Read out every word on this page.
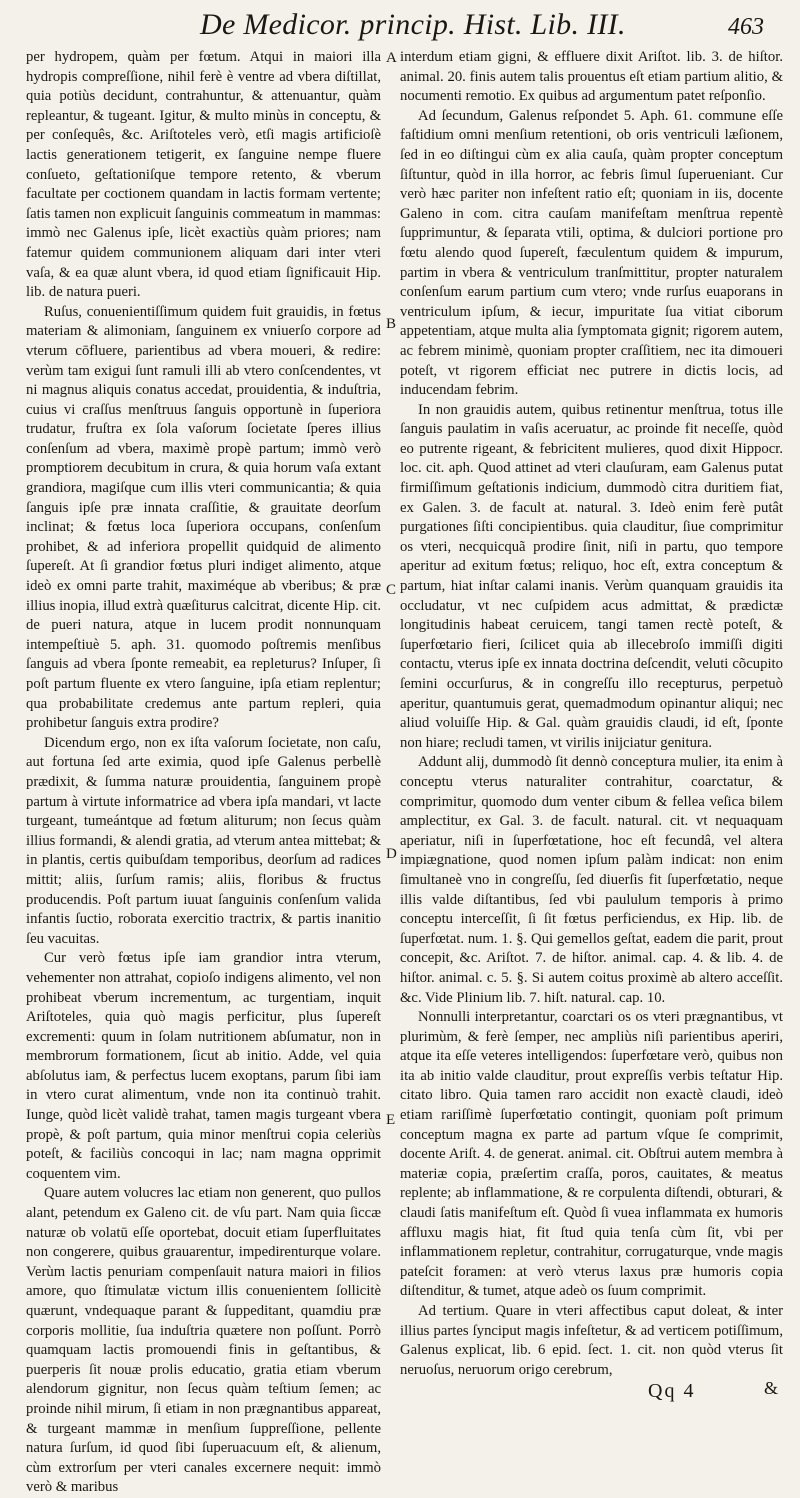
De Medicor. princip. Hist. Lib. III.	463

per hydropem, quàm per fœtum. Atqui in maiori illa hydropis compreſſione, nihil ferè è ventre ad vbera diſtillat, quia potiùs decidunt, contrahuntur, & attenuantur, quàm repleantur, & tugeant. Igitur, & multo minùs in conceptu, & per conſequês, &c. Ariſtoteles verò, etſi magis artificioſè lactis generationem tetigerit, ex ſanguine nempe fluere conſueto, geſtationiſque tempore retento, & vberum facultate per coctionem quandam in lactis formam vertente; ſatis tamen non explicuit ſanguinis commeatum in mammas: immò nec Galenus ipſe, licèt exactiùs quàm priores; nam fatemur quidem communionem aliquam dari inter vteri vaſa, & ea quæ alunt vbera, id quod etiam ſignificauit Hip. lib. de natura pueri.

Ruſus, conuenientiſſimum quidem fuit grauidis, in fœtus materiam & alimoniam, ſanguinem ex vniuerſo corpore ad vterum cōfluere, parientibus ad vbera moueri, & redire: verùm tam exigui ſunt ramuli illi ab vtero conſcendentes, vt ni magnus aliquis conatus accedat, prouidentia, & induſtria, cuius vi craſſus menſtruus ſanguis opportunè in ſuperiora trudatur, fruſtra ex ſola vaſorum ſocietate ſperes illius conſenſum ad vbera, maximè propè partum; immò verò promptiorem decubitum in crura, & quia horum vaſa extant grandiora, magiſque cum illis vteri communicantia; & quia ſanguis ipſe præ innata craſſitie, & grauitate deorſum inclinat; & fœtus loca ſuperiora occupans, conſenſum prohibet, & ad inferiora propellit quidquid de alimento ſupereſt. At ſi grandior fœtus pluri indiget alimento, atque ideò ex omni parte trahit, maximéque ab vberibus; & præ illius inopia, illud extrà quæſiturus calcitrat, dicente Hip. cit. de pueri natura, atque in lucem prodit nonnunquam intempeſtiuè 5. aph. 31. quomodo poſtremis menſibus ſanguis ad vbera ſponte remeabit, ea repleturus? Inſuper, ſi poſt partum fluente ex vtero ſanguine, ipſa etiam replentur; qua probabilitate credemus ante partum repleri, quia prohibetur ſanguis extra prodire?

Dicendum ergo, non ex iſta vaſorum ſocietate, non caſu, aut fortuna ſed arte eximia, quod ipſe Galenus perbellè prædixit, & ſumma naturæ prouidentia, ſanguinem propè partum à virtute informatrice ad vbera ipſa mandari, vt lacte turgeant, tumeántque ad fœtum aliturum; non ſecus quàm illius formandi, & alendi gratia, ad vterum antea mittebat; & in plantis, certis quibuſdam temporibus, deorſum ad radices mittit; aliis, ſurſum ramis; aliis, floribus & fructus producendis. Poſt partum iuuat ſanguinis conſenſum valida infantis ſuctio, roborata exercitio tractrix, & partis inanitio ſeu vacuitas.

Cur verò fœtus ipſe iam grandior intra vterum, vehementer non attrahat, copioſo indigens alimento, vel non prohibeat vberum incrementum, ac turgentiam, inquit Ariſtoteles, quia quò magis perficitur, plus ſupereſt excrementi: quum in ſolam nutritionem abſumatur, non in membrorum formationem, ſicut ab initio. Adde, vel quia abſolutus iam, & perfectus lucem exoptans, parum ſibi iam in vtero curat alimentum, vnde non ita continuò trahit. Iunge, quòd licèt validè trahat, tamen magis turgeant vbera propè, & poſt partum, quia minor menſtrui copia celeriùs poteſt, & faciliùs concoqui in lac; nam magna opprimit coquentem vim.

Quare autem volucres lac etiam non generent, quo pullos alant, petendum ex Galeno cit. de vſu part. Nam quia ſiccæ naturæ ob volatū eſſe oportebat, docuit etiam ſuperfluitates non congerere, quibus grauarentur, impedirenturque volare. Verùm lactis penuriam compenſauit natura maiori in filios amore, quo ſtimulatæ victum illis conuenientem ſollicitè quærunt, vndequaque parant & ſuppeditant, quamdiu præ corporis mollitie, ſua induſtria quætere non poſſunt. Porrò quamquam lactis promouendi finis in geſtantibus, & puerperis ſit nouæ prolis educatio, gratia etiam vberum alendorum gignitur, non ſecus quàm teſtium ſemen; ac proinde nihil mirum, ſi etiam in non prægnantibus appareat, & turgeant mammæ in menſium ſuppreſſione, pellente natura ſurſum, id quod ſibi ſuperuacuum eſt, & alienum, cùm extrorſum per vteri canales excernere nequit: immò verò & maribus

A
B
C
D
E

interdum etiam gigni, & effluere dixit Ariſtot. lib. 3. de hiſtor. animal. 20. finis autem talis prouentus eſt etiam partium alitio, & nocumenti remotio. Ex quibus ad argumentum patet reſponſio.

Ad ſecundum, Galenus reſpondet 5. Aph. 61. commune eſſe faſtidium omni menſium retentioni, ob oris ventriculi læſionem, ſed in eo diſtingui cùm ex alia cauſa, quàm propter conceptum ſiſtuntur, quòd in illa horror, ac febris ſimul ſuperueniant. Cur verò hæc pariter non infeſtent ratio eſt; quoniam in iis, docente Galeno in com. citra cauſam manifeſtam menſtrua repentè ſupprimuntur, & ſeparata vtili, optima, & dulciori portione pro fœtu alendo quod ſupereſt, fæculentum quidem & impurum, partim in vbera & ventriculum tranſmittitur, propter naturalem conſenſum earum partium cum vtero; vnde rurſus euaporans in ventriculum ipſum, & iecur, impuritate ſua vitiat ciborum appetentiam, atque multa alia ſymptomata gignit; rigorem autem, ac febrem minimè, quoniam propter craſſitiem, nec ita dimoueri poteſt, vt rigorem efficiat nec putrere in dictis locis, ad inducendam febrim.

In non grauidis autem, quibus retinentur menſtrua, totus ille ſanguis paulatim in vaſis aceruatur, ac proinde fit neceſſe, quòd eo putrente rigeant, & febricitent mulieres, quod dixit Hippocr. loc. cit. aph. Quod attinet ad vteri clauſuram, eam Galenus putat firmiſſimum geſtationis indicium, dummodò citra duritiem fiat, ex Galen. 3. de facult at. natural. 3. Ideò enim ferè putât purgationes ſiſti concipientibus. quia clauditur, ſiue comprimitur os vteri, necquicquã prodire ſinit, niſi in partu, quo tempore aperitur ad exitum fœtus; reliquo, hoc eſt, extra conceptum & partum, hiat inſtar calami inanis. Verùm quanquam grauidis ita occludatur, vt nec cuſpidem acus admittat, & prædictæ longitudinis habeat ceruicem, tangi tamen rectè poteſt, & ſuperfœtario fieri, ſcilicet quia ab illecebroſo immiſſi digiti contactu, vterus ipſe ex innata doctrina deſcendit, veluti cõcupito ſemini occurſurus, & in congreſſu illo recepturus, perpetuò aperitur, quantumuis gerat, quemadmodum opinantur aliqui; nec aliud voluiſſe Hip. & Gal. quàm grauidis claudi, id eſt, ſponte non hiare; recludi tamen, vt virilis inijciatur genitura.

Addunt alij, dummodò ſit dennò conceptura mulier, ita enim à conceptu vterus naturaliter contrahitur, coarctatur, & comprimitur, quomodo dum venter cibum & fellea veſica bilem amplectitur, ex Gal. 3. de facult. natural. cit. vt nequaquam aperiatur, niſi in ſuperfœtatione, hoc eſt fecundâ, vel altera impiægnatione, quod nomen ipſum palàm indicat: non enim ſimultaneè vno in congreſſu, ſed diuerſis fit ſuperfœtatio, neque illis valde diſtantibus, ſed vbi paululum temporis à primo conceptu interceſſit, ſi ſit fœtus perficiendus, ex Hip. lib. de ſuperfœtat. num. 1. §. Qui gemellos geſtat, eadem die parit, prout concepit, &c. Ariſtot. 7. de hiſtor. animal. cap. 4. & lib. 4. de hiſtor. animal. c. 5. §. Si autem coitus proximè ab altero acceſſit. &c. Vide Plinium lib. 7. hiſt. natural. cap. 10.

Nonnulli interpretantur, coarctari os os vteri prægnantibus, vt plurimùm, & ferè ſemper, nec ampliùs niſi parientibus aperiri, atque ita eſſe veteres intelligendos: ſuperfœtare verò, quibus non ita ab initio valde clauditur, prout expreſſis verbis teſtatur Hip. citato libro. Quia tamen raro accidit non exactè claudi, ideò etiam rariſſimè ſuperfœtatio contingit, quoniam poſt primum conceptum magna ex parte ad partum vſque ſe comprimit, docente Ariſt. 4. de generat. animal. cit. Obſtrui autem membra à materiæ copia, præſertim craſſa, poros, cauitates, & meatus replente; ab inflammatione, & re corpulenta diſtendi, obturari, & claudi ſatis manifeſtum eſt. Quòd ſi vuea inflammata ex humoris affluxu magis hiat, fit ſtud quia tenſa cùm ſit, vbi per inflammationem repletur, contrahitur, corrugaturque, vnde magis pateſcit foramen: at verò vterus laxus præ humoris copia diſtenditur, & tumet, atque adeò os ſuum comprimit.

Ad tertium. Quare in vteri affectibus caput doleat, & inter illius partes ſynciput magis infeſtetur, & ad verticem potiſſimum, Galenus explicat, lib. 6 epid. ſect. 1. cit. non quòd vterus ſit neruoſus, neruorum origo cerebrum,

Qq 4	&
